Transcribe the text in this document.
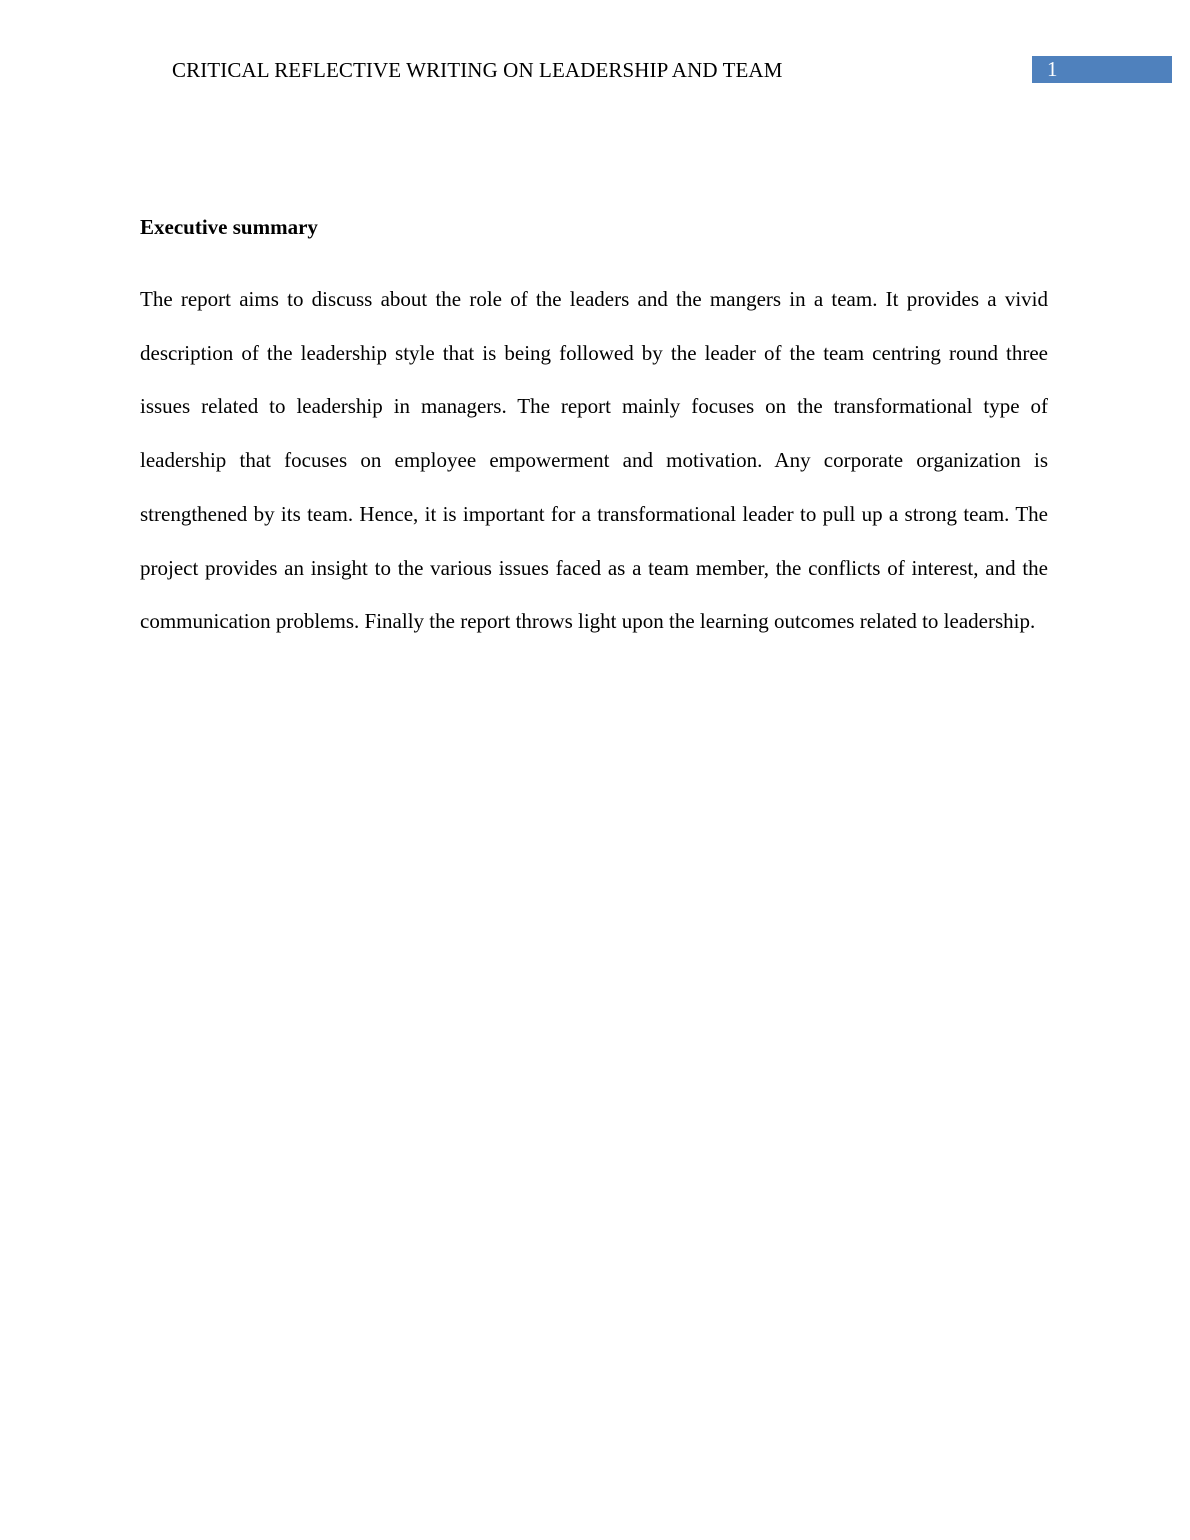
CRITICAL REFLECTIVE WRITING ON LEADERSHIP AND TEAM	1
Executive summary

The report aims to discuss about the role of the leaders and the mangers in a team. It provides a vivid description of the leadership style that is being followed by the leader of the team centring round three issues related to leadership in managers. The report mainly focuses on the transformational type of leadership that focuses on employee empowerment and motivation. Any corporate organization is strengthened by its team. Hence, it is important for a transformational leader to pull up a strong team. The project provides an insight to the various issues faced as a team member, the conflicts of interest, and the communication problems. Finally the report throws light upon the learning outcomes related to leadership.
